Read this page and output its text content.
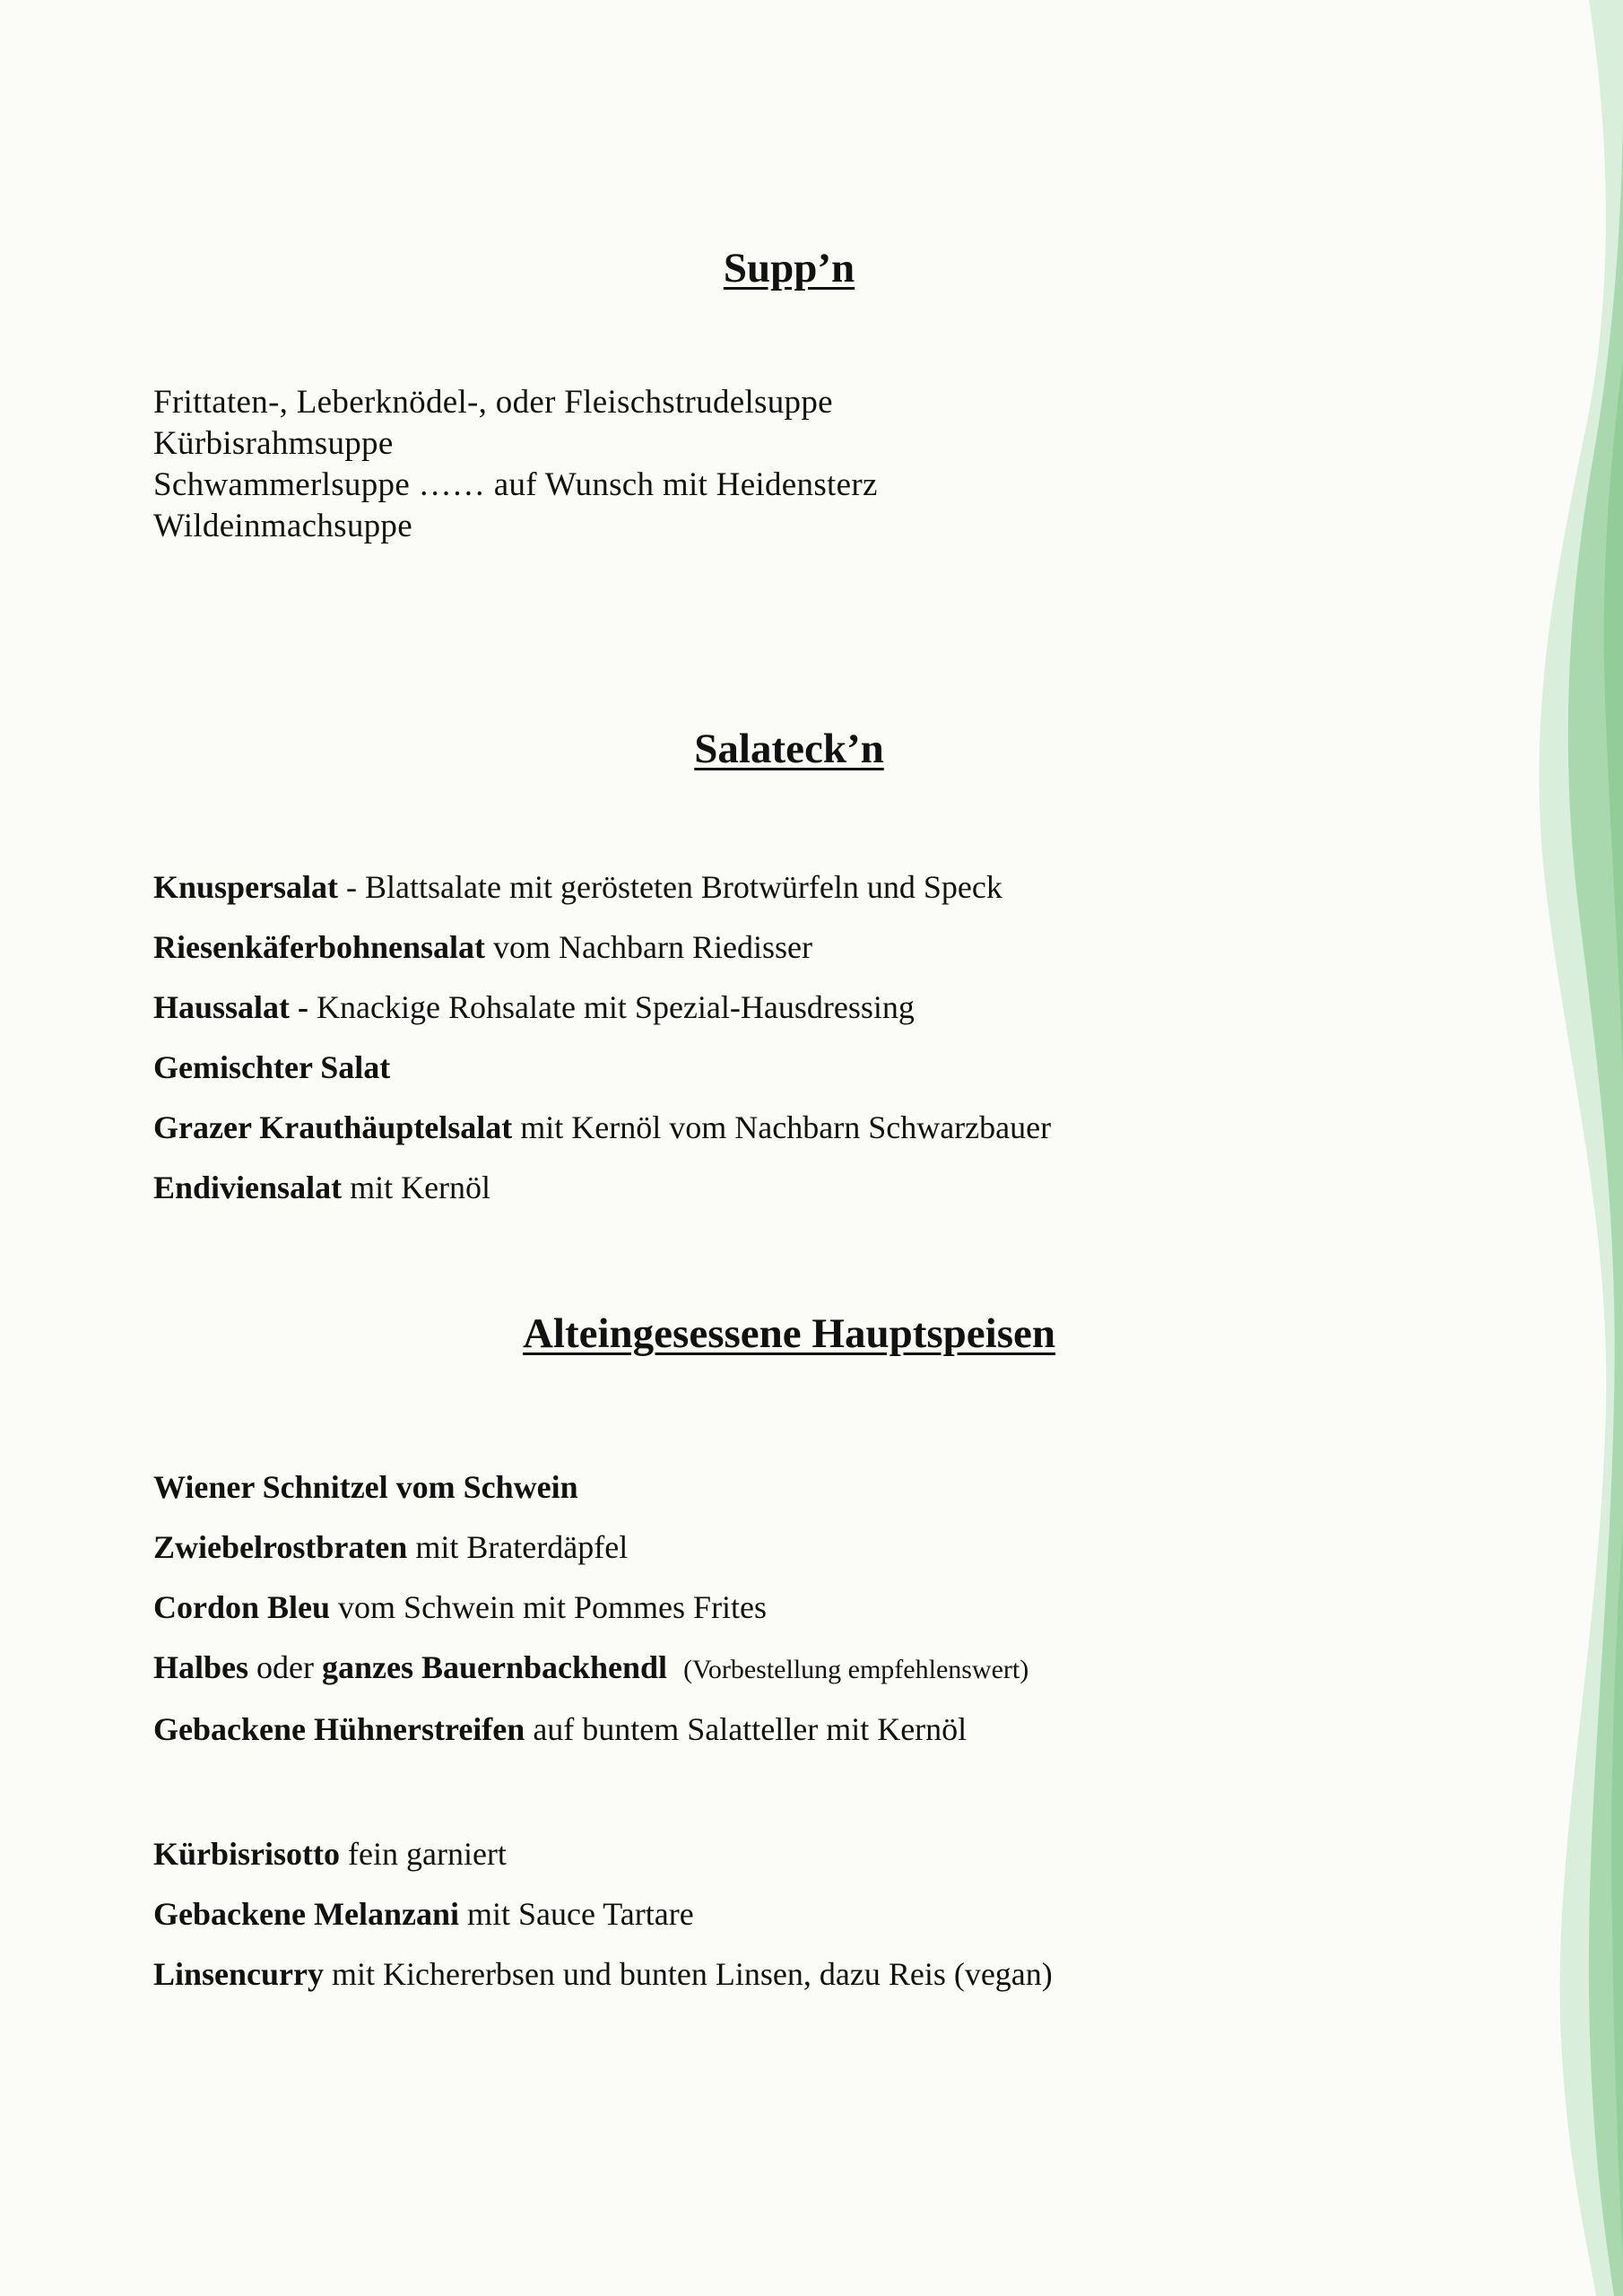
Supp’n
Frittaten-, Leberknödel-, oder Fleischstrudelsuppe
Kürbisrahmsuppe
Schwammerlsuppe …… auf Wunsch mit Heidensterz
Wildeinmachsuppe
Salateck’n
Knuspersalat - Blattsalate mit gerösteten Brotwürfeln und Speck
Riesenkäferbohnensalat vom Nachbarn Riedisser
Haussalat - Knackige Rohsalate mit Spezial-Hausdressing
Gemischter Salat
Grazer Krauthäuptelsalat mit Kernöl vom Nachbarn Schwarzbauer
Endiviensalat mit Kernöl
Alteingesessene Hauptspeisen
Wiener Schnitzel vom Schwein
Zwiebelrostbraten mit Braterdäpfel
Cordon Bleu vom Schwein mit Pommes Frites
Halbes oder ganzes Bauernbackhendl (Vorbestellung empfehlenswert)
Gebackene Hühnerstreifen auf buntem Salatteller mit Kernöl
Kürbisrisotto fein garniert
Gebackene Melanzani mit Sauce Tartare
Linsencurry mit Kichererbsen und bunten Linsen, dazu Reis (vegan)
